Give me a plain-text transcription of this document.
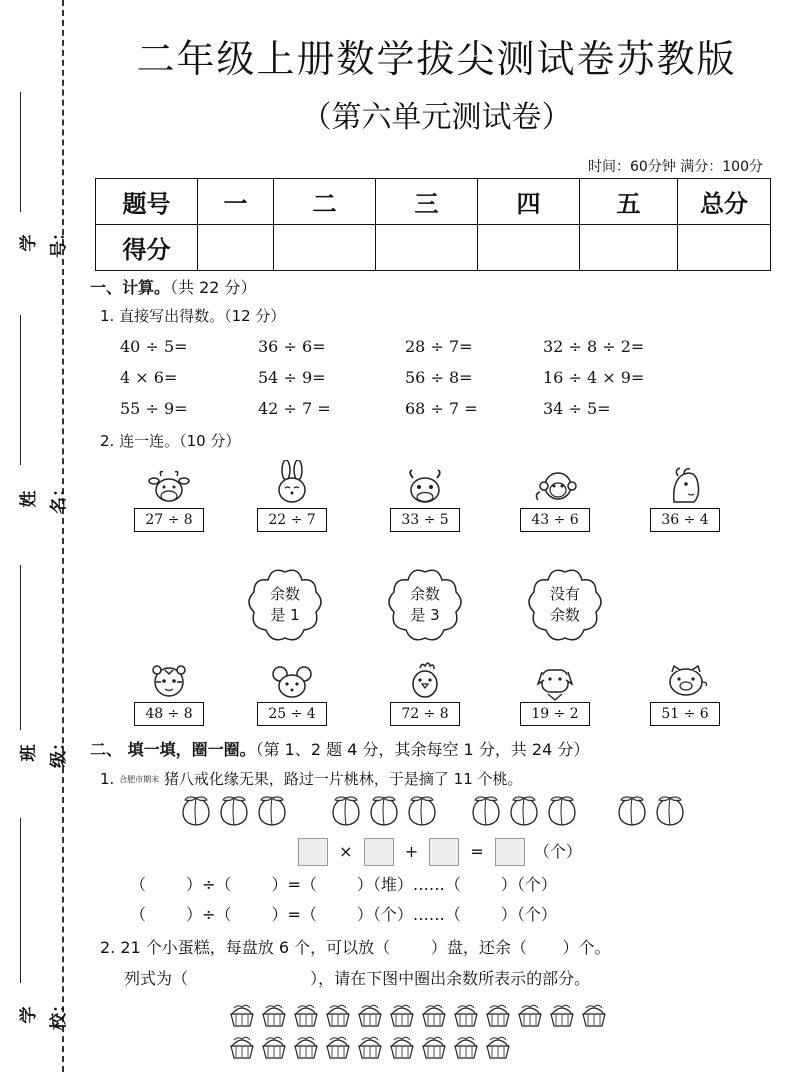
学号：
姓名：
班级：
学校：
二年级上册数学拔尖测试卷苏教版
（第六单元测试卷）
时间：60分钟 满分：100分
题号	一	二	三	四	五	总分
得分						
一、计算。（共 22 分）
1. 直接写出得数。（12 分）
40 ÷ 5=	36 ÷ 6=	28 ÷ 7=	32 ÷ 8 ÷ 2=
4 × 6=	54 ÷ 9=	56 ÷ 8=	16 ÷ 4 × 9=
55 ÷ 9=	42 ÷ 7 =	68 ÷ 7 =	34 ÷ 5=
2. 连一连。（10 分）
27 ÷ 8	22 ÷ 7	33 ÷ 5	43 ÷ 6	36 ÷ 4
余数
是 1
余数
是 3
没有
余数
48 ÷ 8	25 ÷ 4	72 ÷ 8	19 ÷ 2	51 ÷ 6
二、 填一填，圈一圈。（第 1、2 题 4 分，其余每空 1 分，共 24 分）
1. 合肥市期末 猪八戒化缘无果，路过一片桃林，于是摘了 11 个桃。
×	+	=	（个）
（	）÷（	）=（	）（堆）……（	）（个）
（	）÷（	）=（	）（个）……（	）（个）
2. 21 个小蛋糕，每盘放 6 个，可以放（        ）盘，还余（       ）个。
列式为（                        ），请在下图中圈出余数所表示的部分。
